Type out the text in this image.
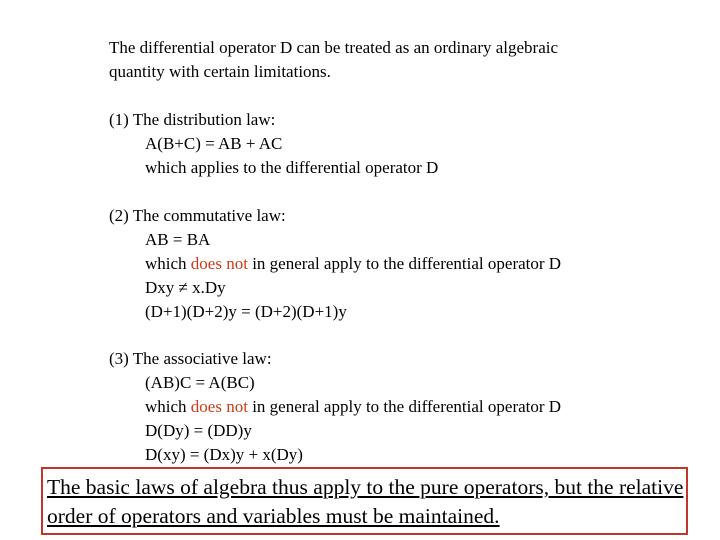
The differential operator D can be treated as an ordinary algebraic
quantity with certain limitations.
(1) The distribution law:
A(B+C) = AB + AC
which applies to the differential operator D
(2) The commutative law:
AB = BA
which does not in general apply to the differential operator D
Dxy ≠ x.Dy
(D+1)(D+2)y = (D+2)(D+1)y
(3) The associative law:
(AB)C = A(BC)
which does not in general apply to the differential operator D
D(Dy) = (DD)y
D(xy) = (Dx)y + x(Dy)
The basic laws of algebra thus apply to the pure operators, but the relative order of operators and variables must be maintained.
